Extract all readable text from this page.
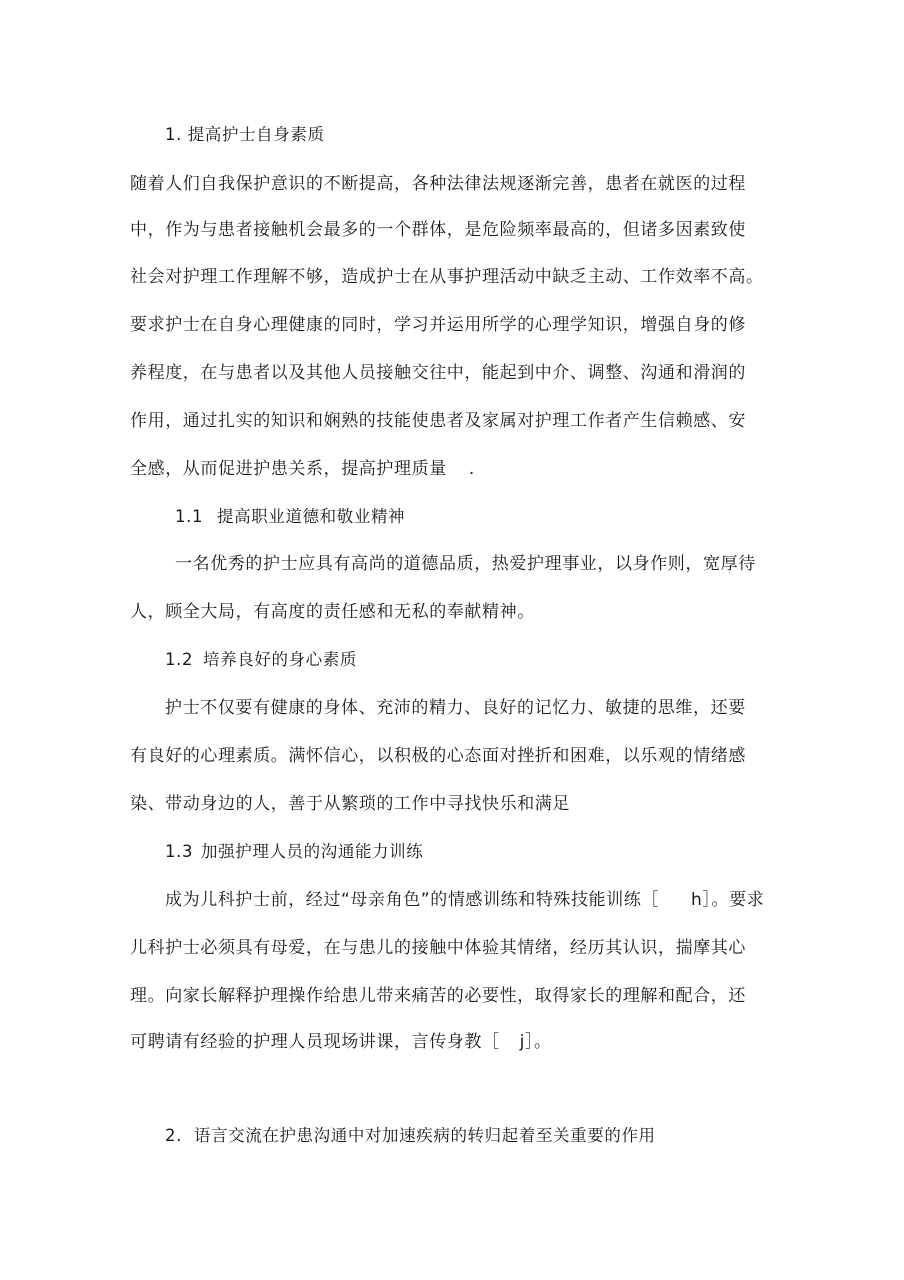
1. 提高护士自身素质
随着人们自我保护意识的不断提高，各种法律法规逐渐完善，患者在就医的过程
中，作为与患者接触机会最多的一个群体，是危险频率最高的，但诸多因素致使
社会对护理工作理解不够，造成护士在从事护理活动中缺乏主动、工作效率不高。
要求护士在自身心理健康的同时，学习并运用所学的心理学知识，增强自身的修
养程度，在与患者以及其他人员接触交往中，能起到中介、调整、沟通和滑润的
作用，通过扎实的知识和娴熟的技能使患者及家属对护理工作者产生信赖感、安
全感，从而促进护患关系，提高护理质量 .
1.1 提高职业道德和敬业精神
一名优秀的护士应具有高尚的道德品质，热爱护理事业，以身作则，宽厚待
人，顾全大局，有高度的责任感和无私的奉献精神。
1.2 培养良好的身心素质
护士不仅要有健康的身体、充沛的精力、良好的记忆力、敏捷的思维，还要
有良好的心理素质。满怀信心，以积极的心态面对挫折和困难，以乐观的情绪感
染、带动身边的人，善于从繁琐的工作中寻找快乐和满足
1.3 加强护理人员的沟通能力训练
成为儿科护士前，经过“母亲角色”的情感训练和特殊技能训练［ h］。要求
儿科护士必须具有母爱，在与患儿的接触中体验其情绪，经历其认识，揣摩其心
理。向家长解释护理操作给患儿带来痛苦的必要性，取得家长的理解和配合，还
可聘请有经验的护理人员现场讲课，言传身教［ j］。
2. 语言交流在护患沟通中对加速疾病的转归起着至关重要的作用
